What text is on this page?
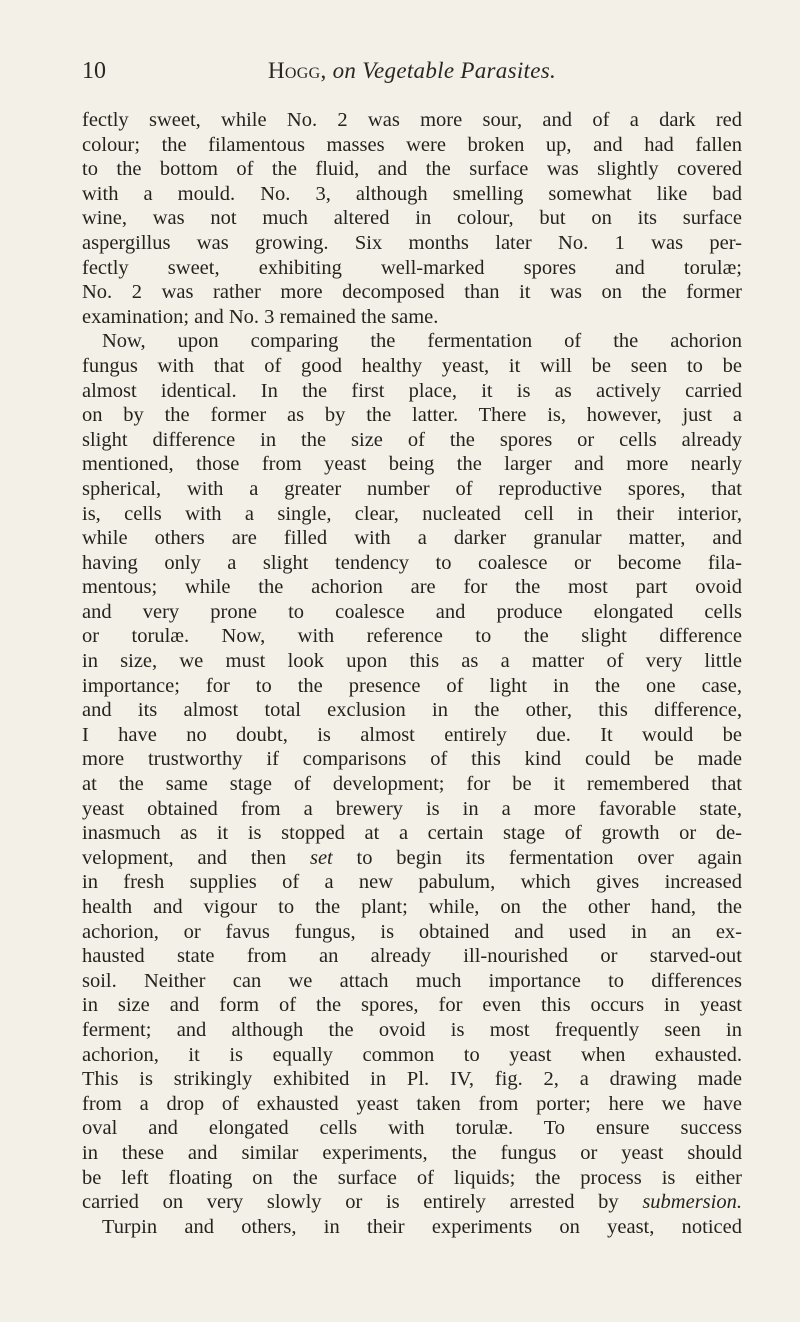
10	Hogg, on Vegetable Parasites.
fectly sweet, while No. 2 was more sour, and of a dark red
colour; the filamentous masses were broken up, and had fallen
to the bottom of the fluid, and the surface was slightly covered
with a mould. No. 3, although smelling somewhat like bad
wine, was not much altered in colour, but on its surface
aspergillus was growing. Six months later No. 1 was per-
fectly sweet, exhibiting well-marked spores and torulæ;
No. 2 was rather more decomposed than it was on the former
examination; and No. 3 remained the same.
Now, upon comparing the fermentation of the achorion
fungus with that of good healthy yeast, it will be seen to be
almost identical. In the first place, it is as actively carried
on by the former as by the latter. There is, however, just a
slight difference in the size of the spores or cells already
mentioned, those from yeast being the larger and more nearly
spherical, with a greater number of reproductive spores, that
is, cells with a single, clear, nucleated cell in their interior,
while others are filled with a darker granular matter, and
having only a slight tendency to coalesce or become fila-
mentous; while the achorion are for the most part ovoid
and very prone to coalesce and produce elongated cells
or torulæ. Now, with reference to the slight difference
in size, we must look upon this as a matter of very little
importance; for to the presence of light in the one case,
and its almost total exclusion in the other, this difference,
I have no doubt, is almost entirely due. It would be
more trustworthy if comparisons of this kind could be made
at the same stage of development; for be it remembered that
yeast obtained from a brewery is in a more favorable state,
inasmuch as it is stopped at a certain stage of growth or de-
velopment, and then set to begin its fermentation over again
in fresh supplies of a new pabulum, which gives increased
health and vigour to the plant; while, on the other hand, the
achorion, or favus fungus, is obtained and used in an ex-
hausted state from an already ill-nourished or starved-out
soil. Neither can we attach much importance to differences
in size and form of the spores, for even this occurs in yeast
ferment; and although the ovoid is most frequently seen in
achorion, it is equally common to yeast when exhausted.
This is strikingly exhibited in Pl. IV, fig. 2, a drawing made
from a drop of exhausted yeast taken from porter; here we have
oval and elongated cells with torulæ. To ensure success
in these and similar experiments, the fungus or yeast should
be left floating on the surface of liquids; the process is either
carried on very slowly or is entirely arrested by submersion.
Turpin and others, in their experiments on yeast, noticed
